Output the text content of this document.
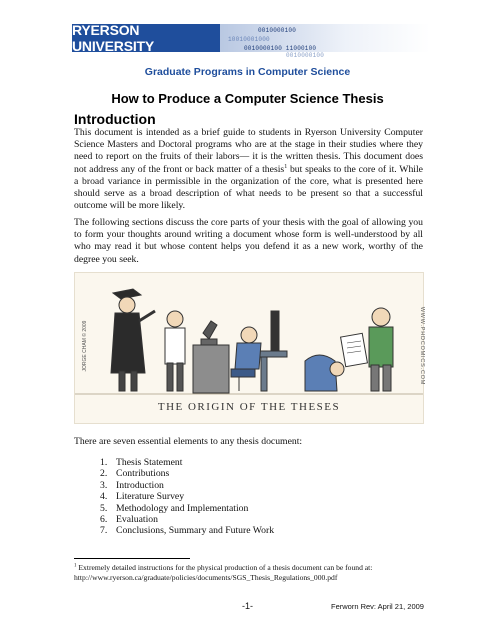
RYERSON UNIVERSITY
0010000100
10010001000
0010000100 11000100
0010000100
Graduate Programs in Computer Science
How to Produce a Computer Science Thesis
Introduction

This document is intended as a brief guide to students in Ryerson University Computer Science Masters and Doctoral programs who are at the stage in their studies where they need to report on the fruits of their labors— it is the written thesis. This document does not address any of the front or back matter of a thesis$^1$ but speaks to the core of it. While a broad variance in permissible in the organization of the core, what is presented here should serve as a broad description of what needs to be present so that a successful outcome will be more likely.

The following sections discuss the core parts of your thesis with the goal of allowing you to form your thoughts around writing a document whose form is well-understood by all who may read it but whose content helps you defend it as a new work, worthy of the degree you seek.

JORGE CHAM © 2009	WWW.PHDCOMICS.COM
THE ORIGIN OF THE THESES
There are seven essential elements to any thesis document:
1. Thesis Statement
2. Contributions
3. Introduction
4. Literature Survey
5. Methodology and Implementation
6. Evaluation
7. Conclusions, Summary and Future Work
$^1$ Extremely detailed instructions for the physical production of a thesis document can be found at:
http://www.ryerson.ca/graduate/policies/documents/SGS_Thesis_Regulations_000.pdf
-1-	Ferworn Rev: April 21, 2009
